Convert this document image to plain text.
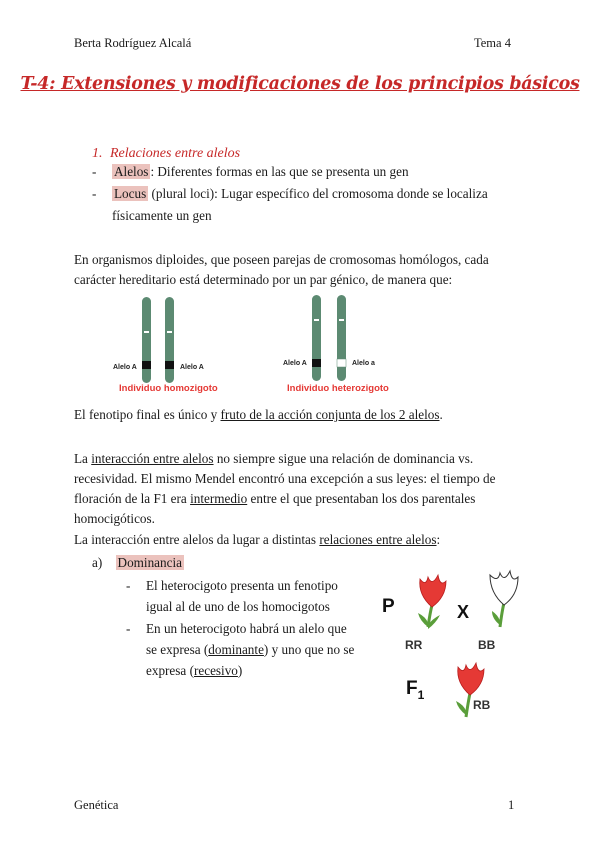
Berta Rodríguez Alcalá	Tema 4
T-4: Extensiones y modificaciones de los principios básicos
1. Relaciones entre alelos
- Alelos : Diferentes formas en las que se presenta un gen
- Locus (plural loci): Lugar específico del cromosoma donde se localiza
físicamente un gen
En organismos diploides, que poseen parejas de cromosomas homólogos, cada
carácter hereditario está determinado por un par génico, de manera que:
Alelo A	Alelo A
Individuo homozigoto
Alelo A	Alelo a
Individuo heterozigoto
El fenotipo final es único y fruto de la acción conjunta de los 2 alelos.
La interacción entre alelos no siempre sigue una relación de dominancia vs.
recesividad. El mismo Mendel encontró una excepción a sus leyes: el tiempo de
floración de la F1 era intermedio entre el que presentaban los dos parentales
homocigóticos.
La interacción entre alelos da lugar a distintas relaciones entre alelos:
a) Dominancia
- El heterocigoto presenta un fenotipo
igual al de uno de los homocigotos
- En un heterocigoto habrá un alelo que
se expresa (dominante) y uno que no se
expresa (recesivo)
P	X
RR	BB
$F_1$
RB
Genética	1
